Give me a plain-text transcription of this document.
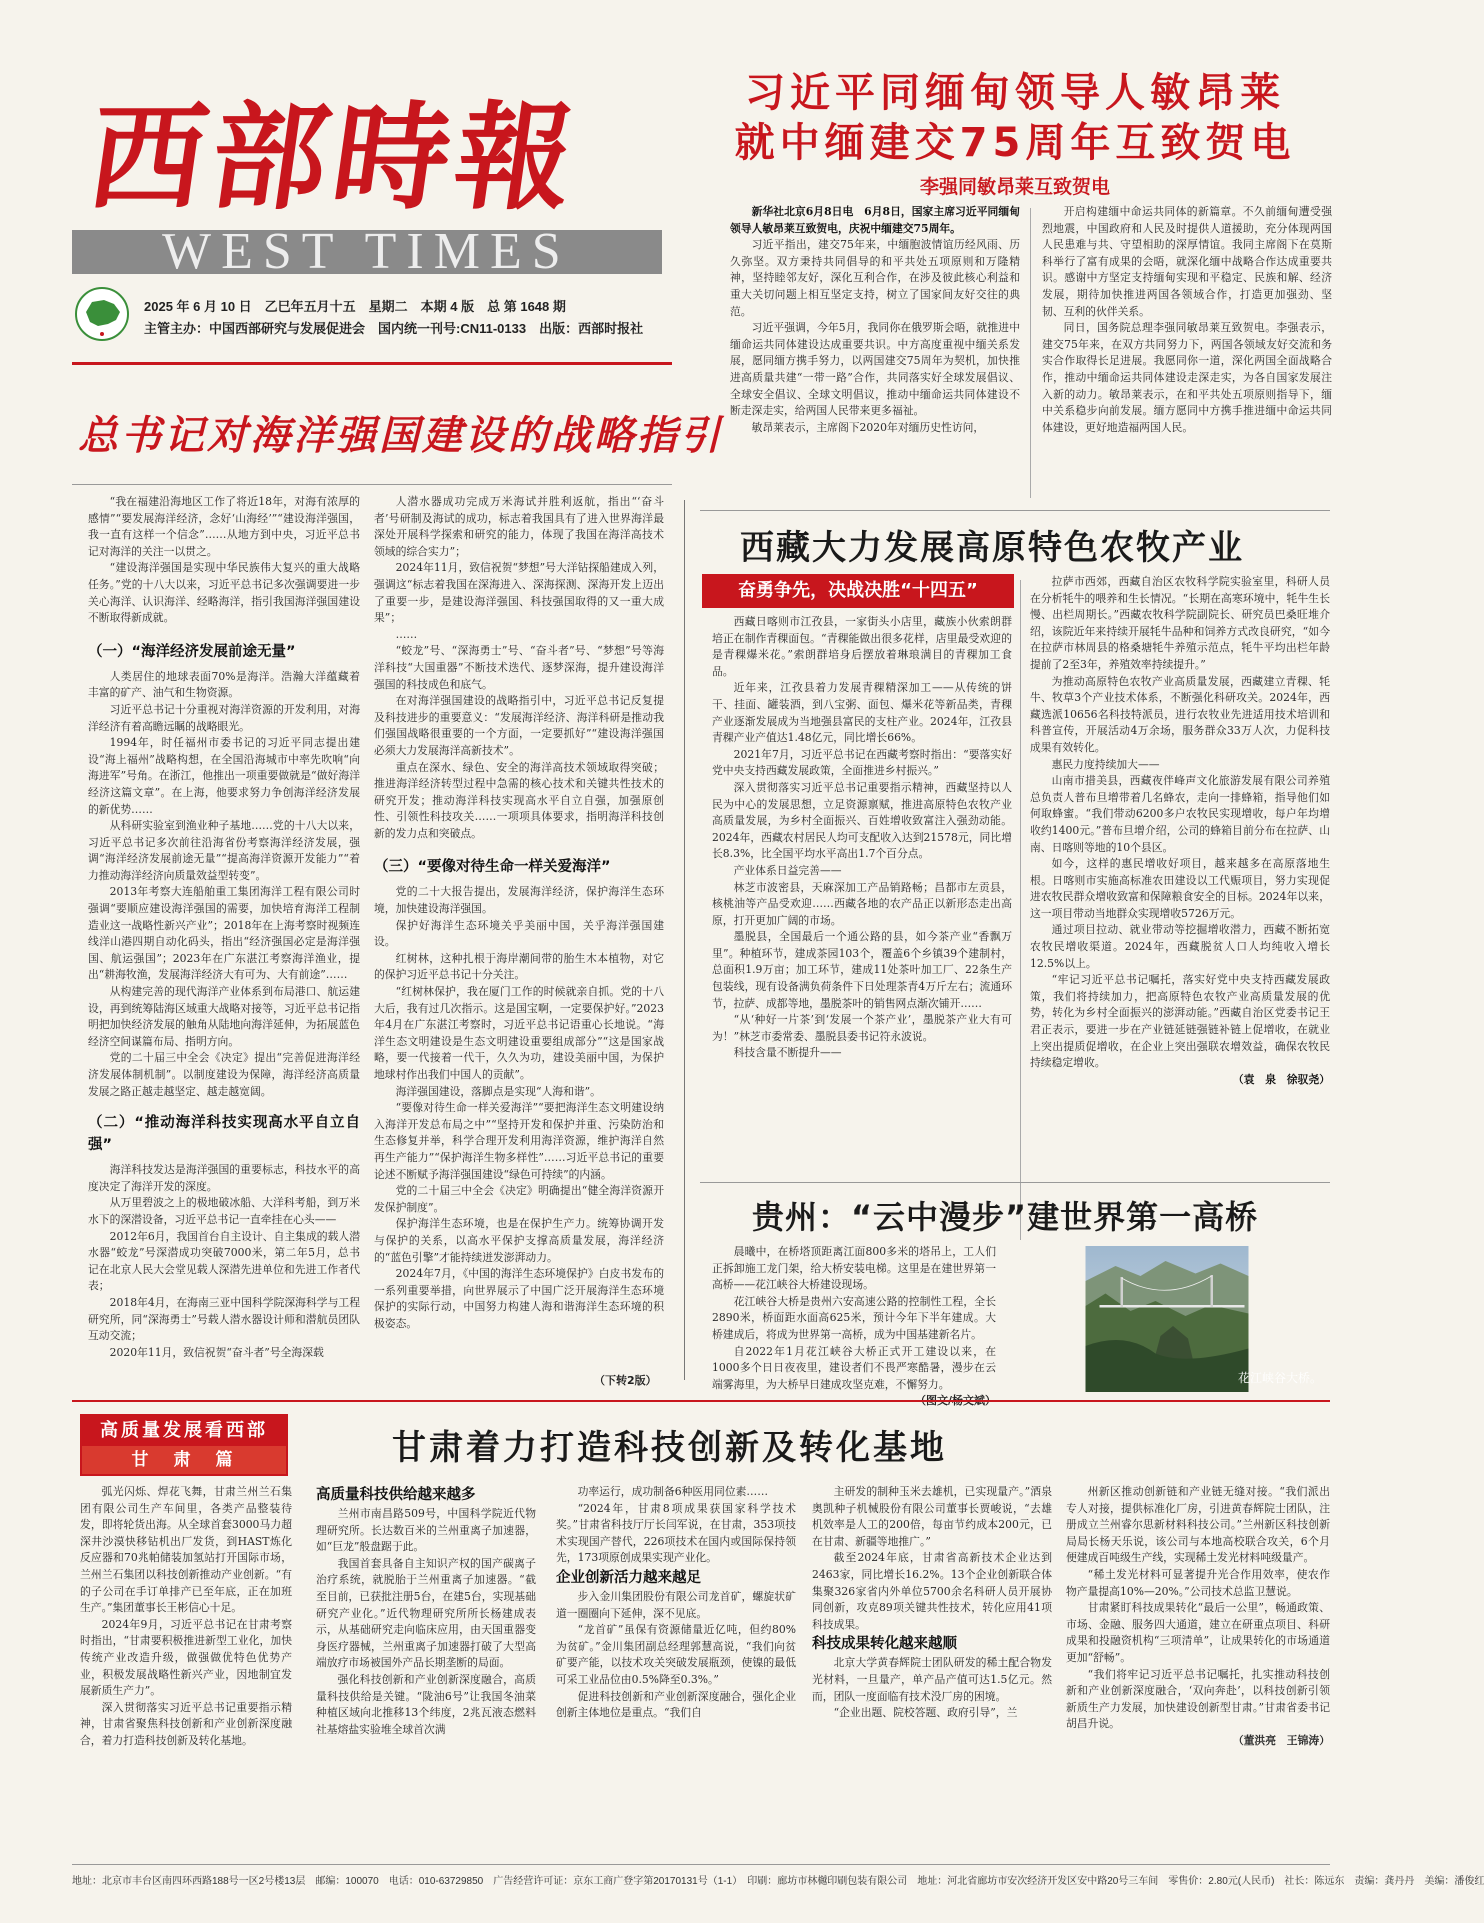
西部時報
WEST TIMES
2025 年 6 月 10 日　乙巳年五月十五　星期二　本期 4 版　总 第 1648 期
主管主办：中国西部研究与发展促进会　国内统一刊号:CN11-0133　出版：西部时报社
习近平同缅甸领导人敏昂莱
就中缅建交75周年互致贺电
李强同敏昂莱互致贺电

新华社北京6月8日电　6月8日，国家主席习近平同缅甸领导人敏昂莱互致贺电，庆祝中缅建交75周年。

习近平指出，建交75年来，中缅胞波情谊历经风雨、历久弥坚。双方秉持共同倡导的和平共处五项原则和万隆精神，坚持睦邻友好，深化互利合作，在涉及彼此核心利益和重大关切问题上相互坚定支持，树立了国家间友好交往的典范。

习近平强调，今年5月，我同你在俄罗斯会晤，就推进中缅命运共同体建设达成重要共识。中方高度重视中缅关系发展，愿同缅方携手努力，以两国建交75周年为契机，加快推进高质量共建“一带一路”合作，共同落实好全球发展倡议、全球安全倡议、全球文明倡议，推动中缅命运共同体建设不断走深走实，给两国人民带来更多福祉。

敏昂莱表示，主席阁下2020年对缅历史性访问，

开启构建缅中命运共同体的新篇章。不久前缅甸遭受强烈地震，中国政府和人民及时提供人道援助，充分体现两国人民患难与共、守望相助的深厚情谊。我同主席阁下在莫斯科举行了富有成果的会晤，就深化缅中战略合作达成重要共识。感谢中方坚定支持缅甸实现和平稳定、民族和解、经济发展，期待加快推进两国各领域合作，打造更加强劲、坚韧、互利的伙伴关系。

同日，国务院总理李强同敏昂莱互致贺电。李强表示，建交75年来，在双方共同努力下，两国各领域友好交流和务实合作取得长足进展。我愿同你一道，深化两国全面战略合作，推动中缅命运共同体建设走深走实，为各自国家发展注入新的动力。敏昂莱表示，在和平共处五项原则指导下，缅中关系稳步向前发展。缅方愿同中方携手推进缅中命运共同体建设，更好地造福两国人民。

总书记对海洋强国建设的战略指引

“我在福建沿海地区工作了将近18年，对海有浓厚的感情”“要发展海洋经济，念好‘山海经’”“建设海洋强国，我一直有这样一个信念”……从地方到中央，习近平总书记对海洋的关注一以贯之。

“建设海洋强国是实现中华民族伟大复兴的重大战略任务。”党的十八大以来，习近平总书记多次强调要进一步关心海洋、认识海洋、经略海洋，指引我国海洋强国建设不断取得新成就。

（一）“海洋经济发展前途无量”

人类居住的地球表面70%是海洋。浩瀚大洋蕴藏着丰富的矿产、油气和生物资源。

习近平总书记十分重视对海洋资源的开发利用，对海洋经济有着高瞻远瞩的战略眼光。

1994年，时任福州市委书记的习近平同志提出建设“海上福州”战略构想，在全国沿海城市中率先吹响“向海进军”号角。在浙江，他推出一项重要做就是“做好海洋经济这篇文章”。在上海，他要求努力争创海洋经济发展的新优势……

从科研实验室到渔业种子基地……党的十八大以来，习近平总书记多次前往沿海省份考察海洋经济发展，强调“海洋经济发展前途无量”“提高海洋资源开发能力”“着力推动海洋经济向质量效益型转变”。

2013年考察大连船舶重工集团海洋工程有限公司时强调“要顺应建设海洋强国的需要，加快培育海洋工程制造业这一战略性新兴产业”；2018年在上海考察时视频连线洋山港四期自动化码头，指出“经济强国必定是海洋强国、航运强国”；2023年在广东湛江考察海洋渔业，提出“耕海牧渔，发展海洋经济大有可为、大有前途”……

从构建完善的现代海洋产业体系到布局港口、航运建设，再到统筹陆海区域重大战略对接等，习近平总书记指明把加快经济发展的触角从陆地向海洋延伸，为拓展蓝色经济空间谋篇布局、指明方向。

党的二十届三中全会《决定》提出“完善促进海洋经济发展体制机制”。以制度建设为保障，海洋经济高质量发展之路正越走越坚定、越走越宽阔。

（二）“推动海洋科技实现高水平自立自强”

海洋科技发达是海洋强国的重要标志，科技水平的高度决定了海洋开发的深度。

从万里碧波之上的极地破冰船、大洋科考船，到万米水下的深潜设备，习近平总书记一直牵挂在心头——

2012年6月，我国首台自主设计、自主集成的载人潜水器“蛟龙”号深潜成功突破7000米，第二年5月，总书记在北京人民大会堂见载人深潜先进单位和先进工作者代表；

2018年4月，在海南三亚中国科学院深海科学与工程研究所，同“深海勇士”号载人潜水器设计师和潜航员团队互动交流；

2020年11月，致信祝贺“奋斗者”号全海深载

人潜水器成功完成万米海试并胜利返航，指出“‘奋斗者’号研制及海试的成功，标志着我国具有了进入世界海洋最深处开展科学探索和研究的能力，体现了我国在海洋高技术领域的综合实力”；

2024年11月，致信祝贺“梦想”号大洋钻探船建成入列，强调这“标志着我国在深海进入、深海探测、深海开发上迈出了重要一步，是建设海洋强国、科技强国取得的又一重大成果”；

……

“蛟龙”号、“深海勇士”号、“奋斗者”号、“梦想”号等海洋科技“大国重器”不断技术迭代、逐梦深海，提升建设海洋强国的科技成色和底气。

在对海洋强国建设的战略指引中，习近平总书记反复提及科技进步的重要意义：“发展海洋经济、海洋科研是推动我们强国战略很重要的一个方面，一定要抓好”“建设海洋强国必须大力发展海洋高新技术”。

重点在深水、绿色、安全的海洋高技术领域取得突破；推进海洋经济转型过程中急需的核心技术和关键共性技术的研究开发；推动海洋科技实现高水平自立自强，加强原创性、引领性科技攻关……一项项具体要求，指明海洋科技创新的发力点和突破点。

（三）“要像对待生命一样关爱海洋”

党的二十大报告提出，发展海洋经济，保护海洋生态环境，加快建设海洋强国。

保护好海洋生态环境关乎美丽中国，关乎海洋强国建设。

红树林，这种扎根于海岸潮间带的胎生木本植物，对它的保护习近平总书记十分关注。

“红树林保护，我在厦门工作的时候就亲自抓。党的十八大后，我有过几次指示。这是国宝啊，一定要保护好。”2023年4月在广东湛江考察时，习近平总书记语重心长地说。“海洋生态文明建设是生态文明建设重要组成部分”“这是国家战略，要一代接着一代干，久久为功，建设美丽中国，为保护地球村作出我们中国人的贡献”。

海洋强国建设，落脚点是实现“人海和谐”。

“要像对待生命一样关爱海洋”“要把海洋生态文明建设纳入海洋开发总布局之中”“坚持开发和保护并重、污染防治和生态修复并举，科学合理开发利用海洋资源，维护海洋自然再生产能力”“保护海洋生物多样性”……习近平总书记的重要论述不断赋予海洋强国建设“绿色可持续”的内涵。

党的二十届三中全会《决定》明确提出“健全海洋资源开发保护制度”。

保护海洋生态环境，也是在保护生产力。统筹协调开发与保护的关系，以高水平保护支撑高质量发展，海洋经济的“蓝色引擎”才能持续迸发澎湃动力。

2024年7月，《中国的海洋生态环境保护》白皮书发布的一系列重要举措，向世界展示了中国广泛开展海洋生态环境保护的实际行动，中国努力构建人海和谐海洋生态环境的积极姿态。

（下转2版）
西藏大力发展高原特色农牧产业
奋勇争先，决战决胜“十四五”

西藏日喀则市江孜县，一家街头小店里，藏族小伙索朗群培正在制作青稞面包。“青稞能做出很多花样，店里最受欢迎的是青稞爆米花。”索朗群培身后摆放着琳琅满目的青稞加工食品。

近年来，江孜县着力发展青稞精深加工——从传统的饼干、挂面、罐装酒，到八宝粥、面包、爆米花等新品类，青稞产业逐渐发展成为当地强县富民的支柱产业。2024年，江孜县青稞产业产值达1.48亿元，同比增长66%。

2021年7月，习近平总书记在西藏考察时指出：“要落实好党中央支持西藏发展政策，全面推进乡村振兴。”

深入贯彻落实习近平总书记重要指示精神，西藏坚持以人民为中心的发展思想，立足资源禀赋，推进高原特色农牧产业高质量发展，为乡村全面振兴、百姓增收致富注入强劲动能。2024年，西藏农村居民人均可支配收入达到21578元，同比增长8.3%，比全国平均水平高出1.7个百分点。

产业体系日益完善——

林芝市波密县，天麻深加工产品销路畅；昌都市左贡县，核桃油等产品受欢迎……西藏各地的农产品正以新形态走出高原，打开更加广阔的市场。

墨脱县，全国最后一个通公路的县，如今茶产业“香飘万里”。种植环节，建成茶园103个，覆盖6个乡镇39个建制村，总面积1.9万亩；加工环节，建成11处茶叶加工厂、22条生产包装线，现有设备满负荷条件下日处理茶青4万斤左右；流通环节，拉萨、成都等地，墨脱茶叶的销售网点渐次铺开……

“从‘种好一片茶’到‘发展一个茶产业’，墨脱茶产业大有可为！”林芝市委常委、墨脱县委书记符永波说。

科技含量不断提升——

拉萨市西郊，西藏自治区农牧科学院实验室里，科研人员在分析牦牛的喂养和生长情况。“长期在高寒环境中，牦牛生长慢、出栏周期长。”西藏农牧科学院副院长、研究员巴桑旺堆介绍，该院近年来持续开展牦牛品种和饲养方式改良研究，“如今在拉萨市林周县的格桑塘牦牛养殖示范点，牦牛平均出栏年龄提前了2至3年，养殖效率持续提升。”

为推动高原特色农牧产业高质量发展，西藏建立青稞、牦牛、牧草3个产业技术体系，不断强化科研攻关。2024年，西藏选派10656名科技特派员，进行农牧业先进适用技术培训和科普宣传，开展活动4万余场，服务群众33万人次，力促科技成果有效转化。

惠民力度持续加大——

山南市措美县，西藏夜伴峰声文化旅游发展有限公司养殖总负责人普布旦增带着几名蜂农，走向一排蜂箱，指导他们如何取蜂蜜。“我们带动6200多户农牧民实现增收，每户年均增收约1400元。”普布旦增介绍，公司的蜂箱目前分布在拉萨、山南、日喀则等地的10个县区。

如今，这样的惠民增收好项目，越来越多在高原落地生根。日喀则市实施高标准农田建设以工代赈项目，努力实现促进农牧民群众增收致富和保障粮食安全的目标。2024年以来，这一项目带动当地群众实现增收5726万元。

通过项目拉动、就业带动等挖掘增收潜力，西藏不断拓宽农牧民增收渠道。2024年，西藏脱贫人口人均纯收入增长12.5%以上。

“牢记习近平总书记嘱托，落实好党中央支持西藏发展政策，我们将持续加力，把高原特色农牧产业高质量发展的优势，转化为乡村全面振兴的澎湃动能。”西藏自治区党委书记王君正表示，要进一步在产业链延链强链补链上促增收，在就业上突出提质促增收，在企业上突出强联农增效益，确保农牧民持续稳定增收。

（袁　泉　徐驭尧）
贵州：“云中漫步”建世界第一高桥

晨曦中，在桥塔顶距离江面800多米的塔吊上，工人们正拆卸施工龙门架，给大桥安装电梯。这里是在建世界第一高桥——花江峡谷大桥建设现场。

花江峡谷大桥是贵州六安高速公路的控制性工程，全长2890米，桥面距水面高625米，预计今年下半年建成。大桥建成后，将成为世界第一高桥，成为中国基建新名片。

自2022年1月花江峡谷大桥正式开工建设以来，在1000多个日日夜夜里，建设者们不畏严寒酷暑，漫步在云端雾海里，为大桥早日建成攻坚克难，不懈努力。	花江峡谷大桥。
高质量发展看西部
甘　肃　篇	甘肃着力打造科技创新及转化基地

弧光闪烁、焊花飞舞，甘肃兰州兰石集团有限公司生产车间里，各类产品整装待发，即将轮货出海。从全球首套3000马力超深井沙漠快移钻机出厂发货，到HAST炼化反应器和70兆帕储装加氢站打开国际市场，兰州兰石集团以科技创新推动产业创新。“有的子公司在手订单排产已至年底，正在加班生产。”集团董事长王彬信心十足。

2024年9月，习近平总书记在甘肃考察时指出，“甘肃要积极推进新型工业化，加快传统产业改造升级，做强做优特色优势产业，积极发展战略性新兴产业，因地制宜发展新质生产力”。

深入贯彻落实习近平总书记重要指示精神，甘肃省聚焦科技创新和产业创新深度融合，着力打造科技创新及转化基地。

高质量科技供给越来越多

兰州市南昌路509号，中国科学院近代物理研究所。长达数百米的兰州重离子加速器，如“巨龙”般盘踞于此。

我国首套具备自主知识产权的国产碳离子治疗系统，就脱胎于兰州重离子加速器。“截至目前，已获批注册5台，在建5台，实现基础研究产业化。”近代物理研究所所长杨建成表示，从基础研究走向临床应用，由天国重器变身医疗器械，兰州重离子加速器打破了大型高端放疗市场被国外产品长期垄断的局面。

强化科技创新和产业创新深度融合，高质量科技供给是关键。“陇油6号”让我国冬油菜种植区域向北推移13个纬度，2兆瓦液态燃料社基熔盐实验堆全球首次满

功率运行，成功制备6种医用同位素……

“2024年，甘肃8项成果获国家科学技术奖。”甘肃省科技厅厅长闫军说，在甘肃，353项技术实现国产替代，226项技术在国内或国际保持领先，173项原创成果实现产业化。

企业创新活力越来越足

步入金川集团股份有限公司龙首矿，螺旋状矿道一圈圈向下延伸，深不见底。

“龙首矿”虽保有资源储量近亿吨，但约80%为贫矿。”金川集团副总经理郭慧高说，“我们向贫矿要产能，以技术攻关突破发展瓶颈，使镍的最低可采工业品位由0.5%降至0.3%。”

促进科技创新和产业创新深度融合，强化企业创新主体地位是重点。“我们自

主研发的制种玉米去雄机，已实现量产。”酒泉奥凯种子机械股份有限公司董事长贾峻说，“去雄机效率是人工的200倍，每亩节约成本200元，已在甘肃、新疆等地推广。”

截至2024年底，甘肃省高新技术企业达到2463家，同比增长16.2%。13个企业创新联合体集聚326家省内外单位5700余名科研人员开展协同创新，攻克89项关键共性技术，转化应用41项科技成果。

科技成果转化越来越顺

北京大学黄春辉院士团队研发的稀土配合物发光材料，一旦量产，单产品产值可达1.5亿元。然而，团队一度面临有技术没厂房的困境。

“企业出题、院校答题、政府引导”，兰

州新区推动创新链和产业链无缝对接。“我们派出专人对接，提供标准化厂房，引进黄春辉院士团队，注册成立兰州睿尔思新材料科技公司。”兰州新区科技创新局局长杨天乐说，该公司与本地高校联合攻关，6个月便建成百吨级生产线，实现稀土发光材料吨级量产。

“稀土发光材料可显著提升光合作用效率，使农作物产量提高10%—20%。”公司技术总监卫慧说。

甘肃紧盯科技成果转化“最后一公里”，畅通政策、市场、金融、服务四大通道，建立在研重点项目、科研成果和投融资机构“三项清单”，让成果转化的市场通道更加“舒畅”。

“我们将牢记习近平总书记嘱托，扎实推动科技创新和产业创新深度融合，‘双向奔赴’，以科技创新引领新质生产力发展，加快建设创新型甘肃。”甘肃省委书记胡昌升说。

（董洪亮　王锦涛）
地址：北京市丰台区南四环西路188号一区2号楼13层　邮编：100070　电话：010-63729850　广告经营许可证：京东工商广登字第20170131号（1-1）　印刷：廊坊市林樾印刷包装有限公司　地址：河北省廊坊市安次经济开发区安中路20号三车间　零售价：2.80元(人民币)　社长：陈远东　责编：龚丹丹　美编：潘俊红
